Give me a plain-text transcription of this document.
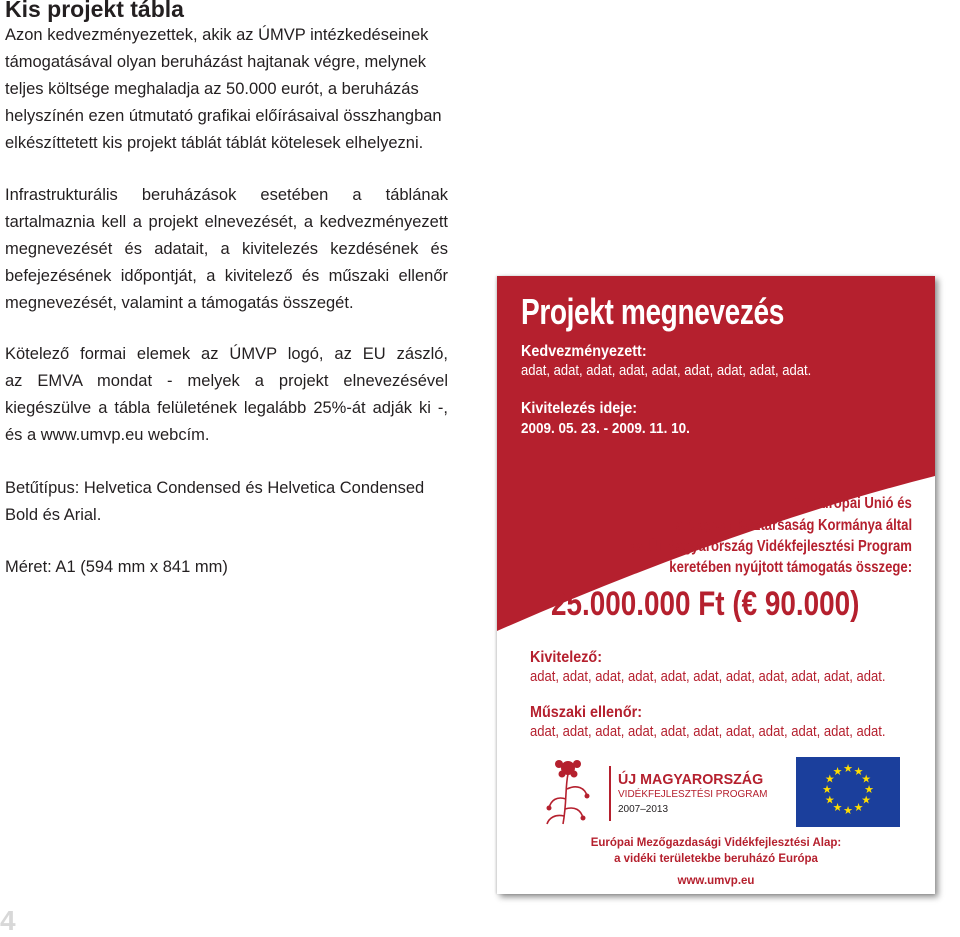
Kis projekt tábla
Azon kedvezményezettek, akik az ÚMVP intézkedéseinek
támogatásával olyan beruházást hajtanak végre, melynek
teljes költsége meghaladja az 50.000 eurót, a beruházás
helyszínén ezen útmutató grafikai előírásaival összhangban
elkészíttetett kis projekt táblát táblát kötelesek elhelyezni.
Infrastrukturális beruházások esetében a táblának
tartalmaznia kell a projekt elnevezését, a kedvezményezett
megnevezését és adatait, a kivitelezés kezdésének és
befejezésének időpontját, a kivitelező és műszaki ellenőr
megnevezését, valamint a támogatás összegét.
Kötelező formai elemek az ÚMVP logó, az EU zászló,
az EMVA mondat - melyek a projekt elnevezésével
kiegészülve a tábla felületének legalább 25%-át adják ki -,
és a www.umvp.eu webcím.
Betűtípus: Helvetica Condensed és Helvetica Condensed
Bold és Arial.
Méret: A1 (594 mm x 841 mm)
4
Projekt megnevezés
Kedvezményezett:
adat, adat, adat, adat, adat, adat, adat, adat, adat.
Kivitelezés ideje:
2009. 05. 23. - 2009. 11. 10.
Az Európai Unió és
a Magyar Köztársaság Kormánya által
az Új Magyarország Vidékfejlesztési Program
keretében nyújtott támogatás összege:
25.000.000 Ft (€ 90.000)
Kivitelező:
adat, adat, adat, adat, adat, adat, adat, adat, adat, adat, adat.
Műszaki ellenőr:
adat, adat, adat, adat, adat, adat, adat, adat, adat, adat, adat.
ÚJ MAGYARORSZÁG
VIDÉKFEJLESZTÉSI PROGRAM
2007–2013
★ ★
★
★
★
★
★
★
★
★
★
★
Európai Mezőgazdasági Vidékfejlesztési Alap:
a vidéki területekbe beruházó Európa
www.umvp.eu
